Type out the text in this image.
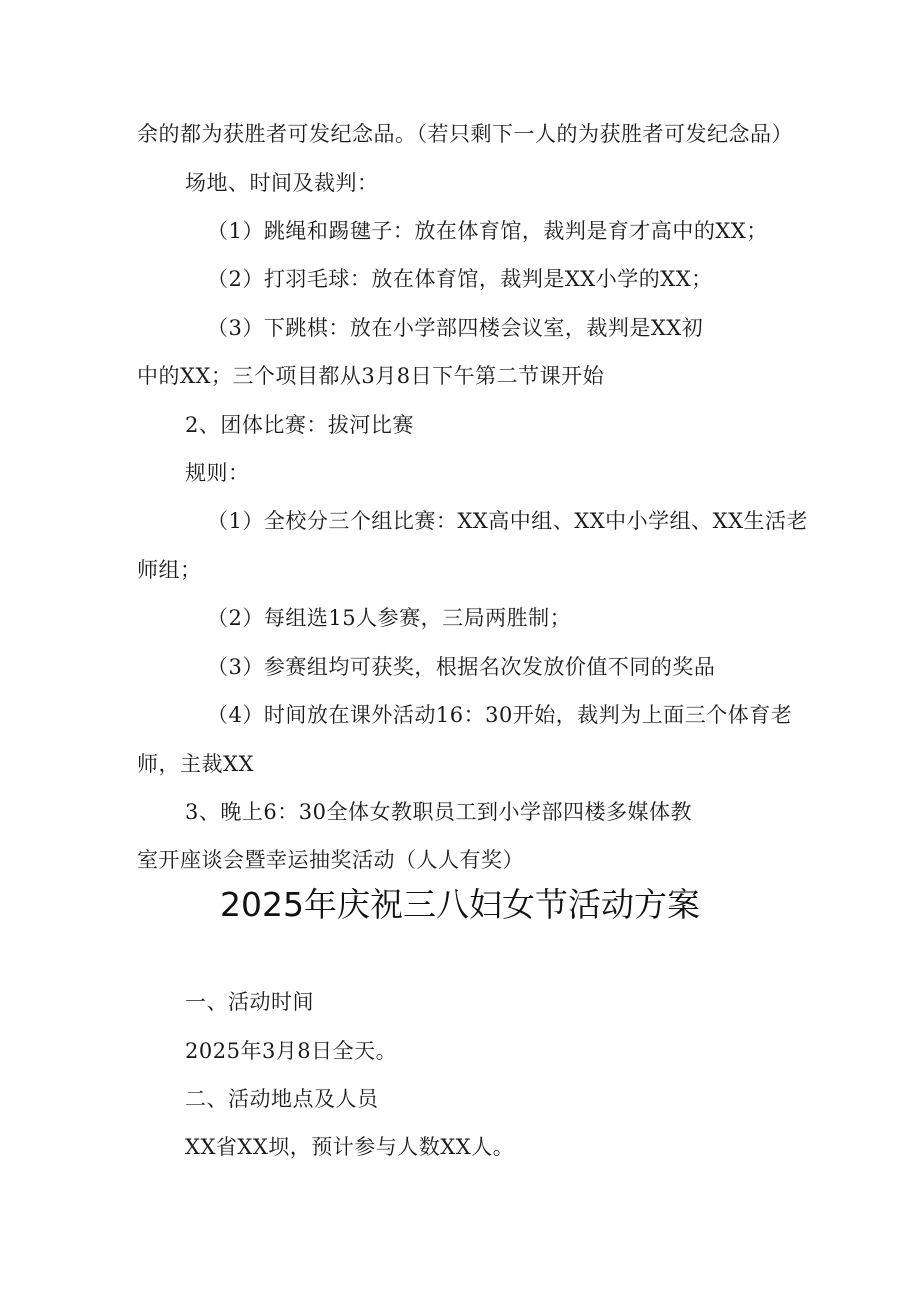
余的都为获胜者可发纪念品。（若只剩下一人的为获胜者可发纪念品）
场地、时间及裁判：
（1）跳绳和踢毽子：放在体育馆，裁判是育才高中的XX；
（2）打羽毛球：放在体育馆，裁判是XX小学的XX；
（3）下跳棋：放在小学部四楼会议室，裁判是XX初
中的XX；三个项目都从3月8日下午第二节课开始
2、团体比赛：拔河比赛
规则：
（1）全校分三个组比赛：XX高中组、XX中小学组、XX生活老
师组；
（2）每组选15人参赛，三局两胜制；
（3）参赛组均可获奖，根据名次发放价值不同的奖品
（4）时间放在课外活动16：30开始，裁判为上面三个体育老
师，主裁XX
3、晚上6：30全体女教职员工到小学部四楼多媒体教
室开座谈会暨幸运抽奖活动（人人有奖）
2025年庆祝三八妇女节活动方案
一、活动时间
2025年3月8日全天。
二、活动地点及人员
XX省XX坝，预计参与人数XX人。
